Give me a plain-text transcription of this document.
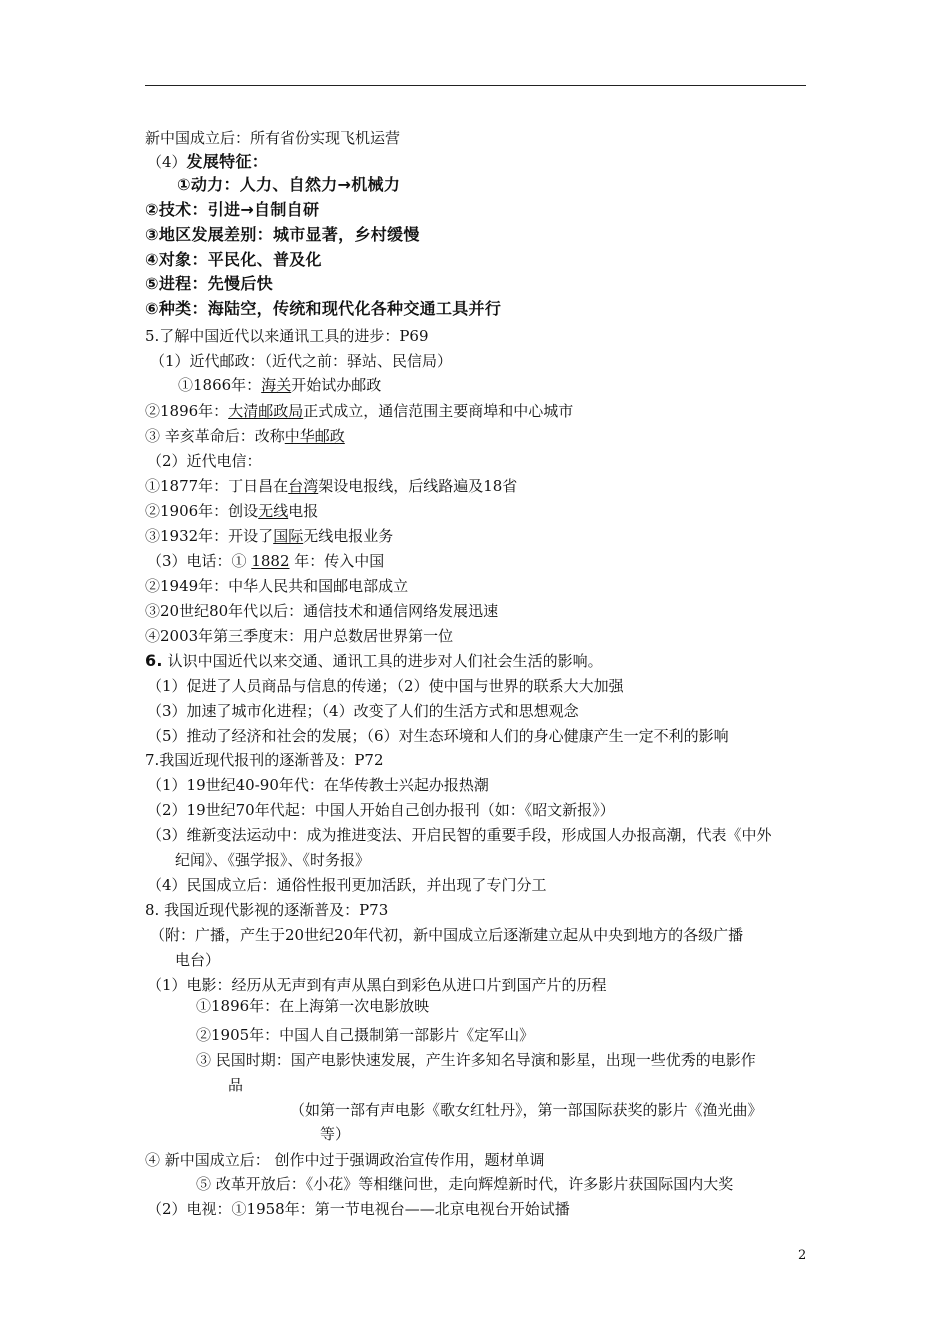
新中国成立后：所有省份实现飞机运营
（4）发展特征：
①动力：人力、自然力→机械力
②技术：引进→自制自研
③地区发展差别：城市显著，乡村缓慢
④对象：平民化、普及化
⑤进程：先慢后快
⑥种类：海陆空，传统和现代化各种交通工具并行
5.了解中国近代以来通讯工具的进步：P69
（1）近代邮政：（近代之前：驿站、民信局）
①1866年：海关开始试办邮政
②1896年：大清邮政局正式成立，通信范围主要商埠和中心城市
③ 辛亥革命后：改称中华邮政
（2）近代电信：
①1877年：丁日昌在台湾架设电报线，后线路遍及18省
②1906年：创设无线电报
③1932年：开设了国际无线电报业务
（3）电话：① 1882 年：传入中国
②1949年：中华人民共和国邮电部成立
③20世纪80年代以后：通信技术和通信网络发展迅速
④2003年第三季度末：用户总数居世界第一位
6. 认识中国近代以来交通、通讯工具的进步对人们社会生活的影响。
（1）促进了人员商品与信息的传递；（2）使中国与世界的联系大大加强
（3）加速了城市化进程；（4）改变了人们的生活方式和思想观念
（5）推动了经济和社会的发展；（6）对生态环境和人们的身心健康产生一定不利的影响
7.我国近现代报刊的逐渐普及：P72
（1）19世纪40-90年代：在华传教士兴起办报热潮
（2）19世纪70年代起：中国人开始自己创办报刊（如：《昭文新报》）
（3）维新变法运动中：成为推进变法、开启民智的重要手段，形成国人办报高潮，代表《中外
纪闻》、《强学报》、《时务报》
（4）民国成立后：通俗性报刊更加活跃，并出现了专门分工
8. 我国近现代影视的逐渐普及：P73
（附：广播，产生于20世纪20年代初，新中国成立后逐渐建立起从中央到地方的各级广播
电台）
（1）电影：经历从无声到有声从黑白到彩色从进口片到国产片的历程
①1896年：在上海第一次电影放映
②1905年：中国人自己摄制第一部影片《定军山》
③ 民国时期：国产电影快速发展，产生许多知名导演和影星，出现一些优秀的电影作
品
（如第一部有声电影《歌女红牡丹》，第一部国际获奖的影片《渔光曲》
等）
④ 新中国成立后： 创作中过于强调政治宣传作用，题材单调
⑤ 改革开放后：《小花》等相继问世，走向辉煌新时代，许多影片获国际国内大奖
（2）电视：①1958年：第一节电视台——北京电视台开始试播
2
